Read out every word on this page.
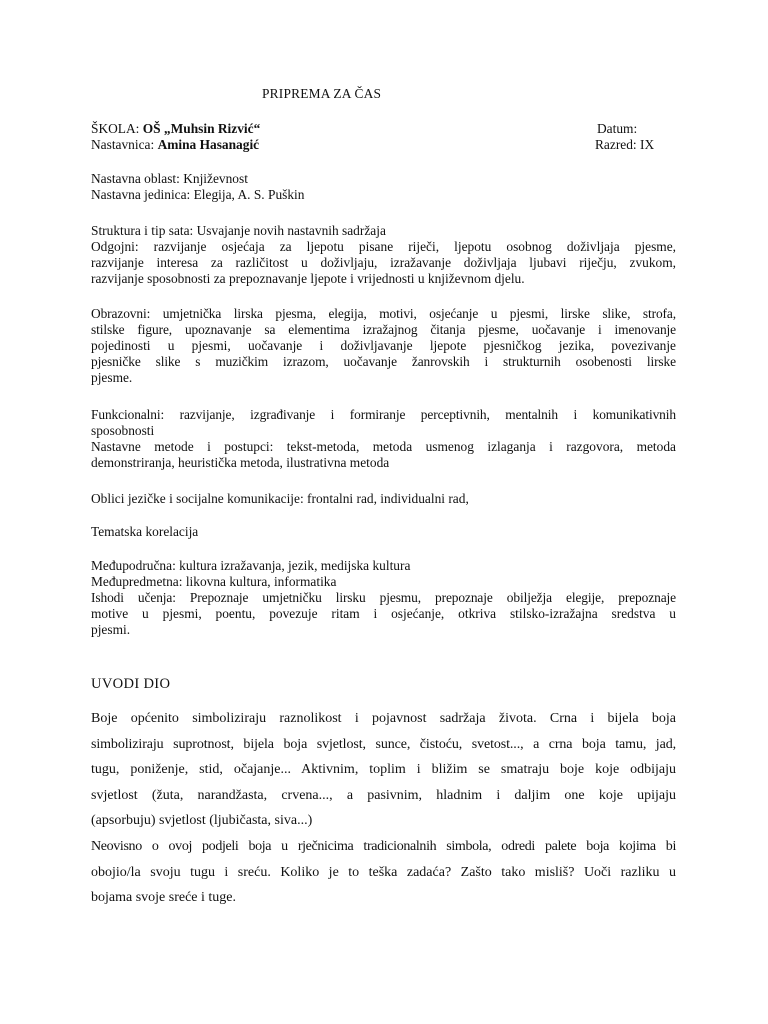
PRIPREMA ZA ČAS
ŠKOLA: OŠ „Muhsin Rizvić“	Datum:
Nastavnica: Amina Hasanagić	Razred: IX

Nastavna oblast: Književnost

Nastavna jedinica: Elegija, A. S. Puškin

Struktura i tip sata: Usvajanje novih nastavnih sadržaja

Odgojni: razvijanje osjećaja za ljepotu pisane riječi, ljepotu osobnog doživljaja pjesme,

razvijanje interesa za različitost u doživljaju, izražavanje doživljaja ljubavi riječju, zvukom,

razvijanje sposobnosti za prepoznavanje ljepote i vrijednosti u književnom djelu.

Obrazovni: umjetnička lirska pjesma, elegija, motivi, osjećanje u pjesmi, lirske slike, strofa,

stilske figure, upoznavanje sa elementima izražajnog čitanja pjesme, uočavanje i imenovanje

pojedinosti u pjesmi, uočavanje i doživljavanje ljepote pjesničkog jezika, povezivanje

pjesničke slike s muzičkim izrazom, uočavanje žanrovskih i strukturnih osobenosti lirske

pjesme.

Funkcionalni: razvijanje, izgrađivanje i formiranje perceptivnih, mentalnih i komunikativnih

sposobnosti

Nastavne metode i postupci: tekst-metoda, metoda usmenog izlaganja i razgovora, metoda

demonstriranja, heuristička metoda, ilustrativna metoda

Oblici jezičke i socijalne komunikacije: frontalni rad, individualni rad,

Tematska korelacija

Međupodručna: kultura izražavanja, jezik, medijska kultura

Međupredmetna: likovna kultura, informatika

Ishodi učenja: Prepoznaje umjetničku lirsku pjesmu, prepoznaje obilježja elegije, prepoznaje

motive u pjesmi, poentu, povezuje ritam i osjećanje, otkriva stilsko-izražajna sredstva u

pjesmi.

UVODI DIO

Boje općenito simboliziraju raznolikost i pojavnost sadržaja života. Crna i bijela boja

simboliziraju suprotnost, bijela boja svjetlost, sunce, čistoću, svetost..., a crna boja tamu, jad,

tugu, poniženje, stid, očajanje... Aktivnim, toplim i bližim se smatraju boje koje odbijaju

svjetlost (žuta, narandžasta, crvena..., a pasivnim, hladnim i daljim one koje upijaju

(apsorbuju) svjetlost (ljubičasta, siva...)

Neovisno o ovoj podjeli boja u rječnicima tradicionalnih simbola, odredi palete boja kojima bi

obojio/la svoju tugu i sreću. Koliko je to teška zadaća? Zašto tako misliš? Uoči razliku u

bojama svoje sreće i tuge.
